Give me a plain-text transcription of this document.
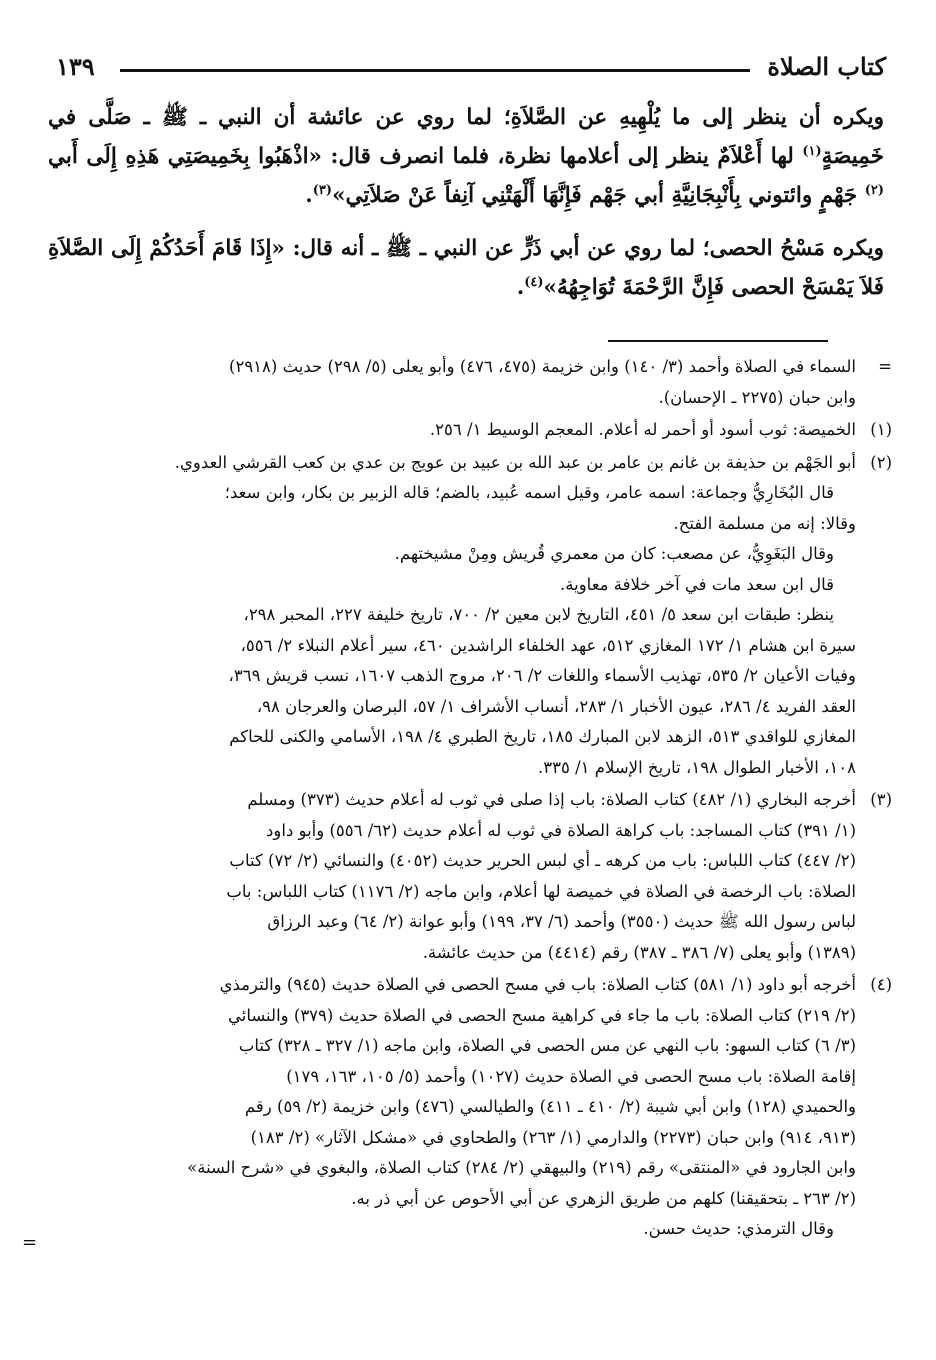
كتاب الصلاة
١٣٩

ويكره أن ينظر إلى ما يُلْهِيهِ عن الصَّلاَةِ؛ لما روي عن عائشة أن النبي ـ ﷺ ـ صَلَّى في خَمِيصَةٍ$^{(١)}$ لها أَعْلاَمٌ ينظر إلى أعلامها نظرة، فلما انصرف قال: «اذْهَبُوا بِخَمِيصَتِي هَذِهِ إِلَى أَبي $^{(٢)}$ جَهْمٍ وائتوني بِأَنْبِجَانِيَّةِ أبي جَهْم فَإِنَّهَا أَلْهَتْنِي آنِفاً عَنْ صَلاَتِي»$^{(٣)}$.

ويكره مَسْحُ الحصى؛ لما روي عن أبي ذَرٍّ عن النبي ـ ﷺ ـ أنه قال: «إِذَا قَامَ أَحَدُكُمْ إِلَى الصَّلاَةِ فَلاَ يَمْسَحْ الحصى فَإِنَّ الرَّحْمَةَ تُوَاجِهُهُ»$^{(٤)}$.

=
السماء في الصلاة وأحمد (٣/ ١٤٠) وابن خزيمة (٤٧٥، ٤٧٦) وأبو يعلى (٥/ ٢٩٨) حديث (٢٩١٨)
وابن حبان (٢٢٧٥ ـ الإحسان).
(١)
الخميصة: ثوب أسود أو أحمر له أعلام. المعجم الوسيط ١/ ٢٥٦.
(٢)
أبو الجَهْم بن حذيفة بن غانم بن عامر بن عبد الله بن عبيد بن عويج بن عدي بن كعب القرشي العدوي.
قال البُخَارِيُّ وجماعة: اسمه عامر، وقيل اسمه عُبيد، بالضم؛ قاله الزبير بن بكار، وابن سعد؛
وقالا: إنه من مسلمة الفتح.
وقال البَغَوِيُّ، عن مصعب: كان من معمري قُريش ومِنْ مشيختهم.
قال ابن سعد مات في آخر خلافة معاوية.
ينظر: طبقات ابن سعد ٥/ ٤٥١، التاريخ لابن معين ٢/ ٧٠٠، تاريخ خليفة ٢٢٧، المحبر ٢٩٨،
سيرة ابن هشام ١/ ١٧٢ المغازي ٥١٢، عهد الخلفاء الراشدين ٤٦٠، سير أعلام النبلاء ٢/ ٥٥٦،
وفيات الأعيان ٢/ ٥٣٥، تهذيب الأسماء واللغات ٢/ ٢٠٦، مروج الذهب ١٦٠٧، نسب قريش ٣٦٩،
العقد الفريد ٤/ ٢٨٦، عيون الأخبار ١/ ٢٨٣، أنساب الأشراف ١/ ٥٧، البرصان والعرجان ٩٨،
المغازي للواقدي ٥١٣، الزهد لابن المبارك ١٨٥، تاريخ الطبري ٤/ ١٩٨، الأسامي والكنى للحاكم
١٠٨، الأخبار الطوال ١٩٨، تاريخ الإسلام ١/ ٣٣٥.
(٣)
أخرجه البخاري (١/ ٤٨٢) كتاب الصلاة: باب إذا صلى في ثوب له أعلام حديث (٣٧٣) ومسلم
(١/ ٣٩١) كتاب المساجد: باب كراهة الصلاة في ثوب له أعلام حديث (٦٢/ ٥٥٦) وأبو داود
(٢/ ٤٤٧) كتاب اللباس: باب من كرهه ـ أي لبس الحرير حديث (٤٠٥٢) والنسائي (٢/ ٧٢) كتاب
الصلاة: باب الرخصة في الصلاة في خميصة لها أعلام، وابن ماجه (٢/ ١١٧٦) كتاب اللباس: باب
لباس رسول الله ﷺ حديث (٣٥٥٠) وأحمد (٦/ ٣٧، ١٩٩) وأبو عوانة (٢/ ٦٤) وعبد الرزاق
(١٣٨٩) وأبو يعلى (٧/ ٣٨٦ ـ ٣٨٧) رقم (٤٤١٤) من حديث عائشة.
(٤)
أخرجه أبو داود (١/ ٥٨١) كتاب الصلاة: باب في مسح الحصى في الصلاة حديث (٩٤٥) والترمذي
(٢/ ٢١٩) كتاب الصلاة: باب ما جاء في كراهية مسح الحصى في الصلاة حديث (٣٧٩) والنسائي
(٣/ ٦) كتاب السهو: باب النهي عن مس الحصى في الصلاة، وابن ماجه (١/ ٣٢٧ ـ ٣٢٨) كتاب
إقامة الصلاة: باب مسح الحصى في الصلاة حديث (١٠٢٧) وأحمد (٥/ ١٠٥، ١٦٣، ١٧٩)
والحميدي (١٢٨) وابن أبي شيبة (٢/ ٤١٠ ـ ٤١١) والطيالسي (٤٧٦) وابن خزيمة (٢/ ٥٩) رقم
(٩١٣، ٩١٤) وابن حبان (٢٢٧٣) والدارمي (١/ ٢٦٣) والطحاوي في «مشكل الآثار» (٢/ ١٨٣)
وابن الجارود في «المنتقى» رقم (٢١٩) والبيهقي (٢/ ٢٨٤) كتاب الصلاة، والبغوي في «شرح السنة»
(٢/ ٢٦٣ ـ بتحقيقنا) كلهم من طريق الزهري عن أبي الأحوص عن أبي ذر به.
وقال الترمذي: حديث حسن.
=
